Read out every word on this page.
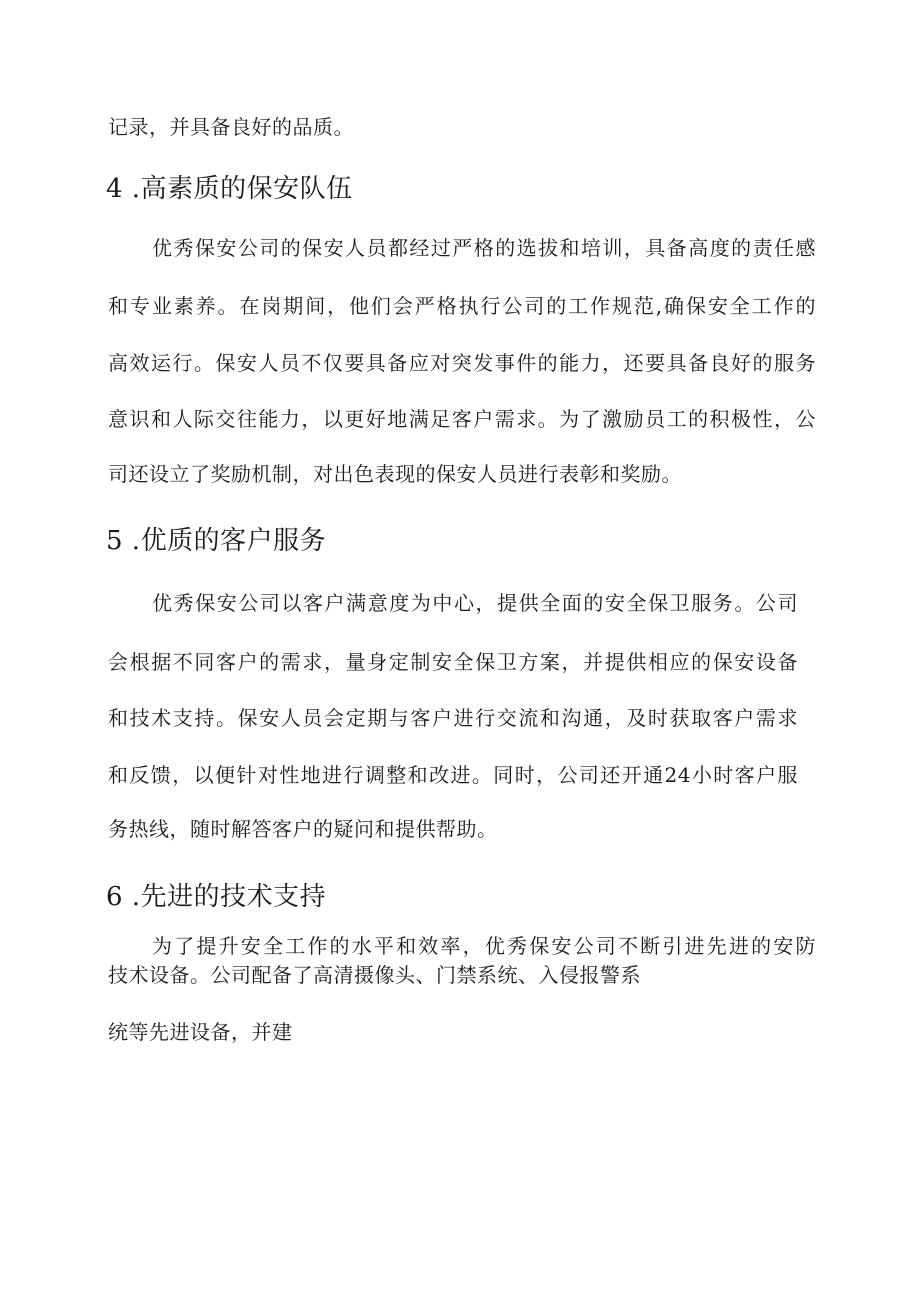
记录，并具备良好的品质。
4 .高素质的保安队伍
优秀保安公司的保安人员都经过严格的选拔和培训，具备高度的责任感
和专业素养。在岗期间，他们会严格执行公司的工作规范,确保安全工作的
高效运行。保安人员不仅要具备应对突发事件的能力，还要具备良好的服务
意识和人际交往能力，以更好地满足客户需求。为了激励员工的积极性，公
司还设立了奖励机制，对出色表现的保安人员进行表彰和奖励。
5 .优质的客户服务
优秀保安公司以客户满意度为中心，提供全面的安全保卫服务。公司
会根据不同客户的需求，量身定制安全保卫方案，并提供相应的保安设备
和技术支持。保安人员会定期与客户进行交流和沟通，及时获取客户需求
和反馈，以便针对性地进行调整和改进。同时，公司还开通24小时客户服
务热线，随时解答客户的疑问和提供帮助。
6 .先进的技术支持
为了提升安全工作的水平和效率，优秀保安公司不断引进先进的安防
技术设备。公司配备了高清摄像头、门禁系统、入侵报警系
统等先进设备，并建
